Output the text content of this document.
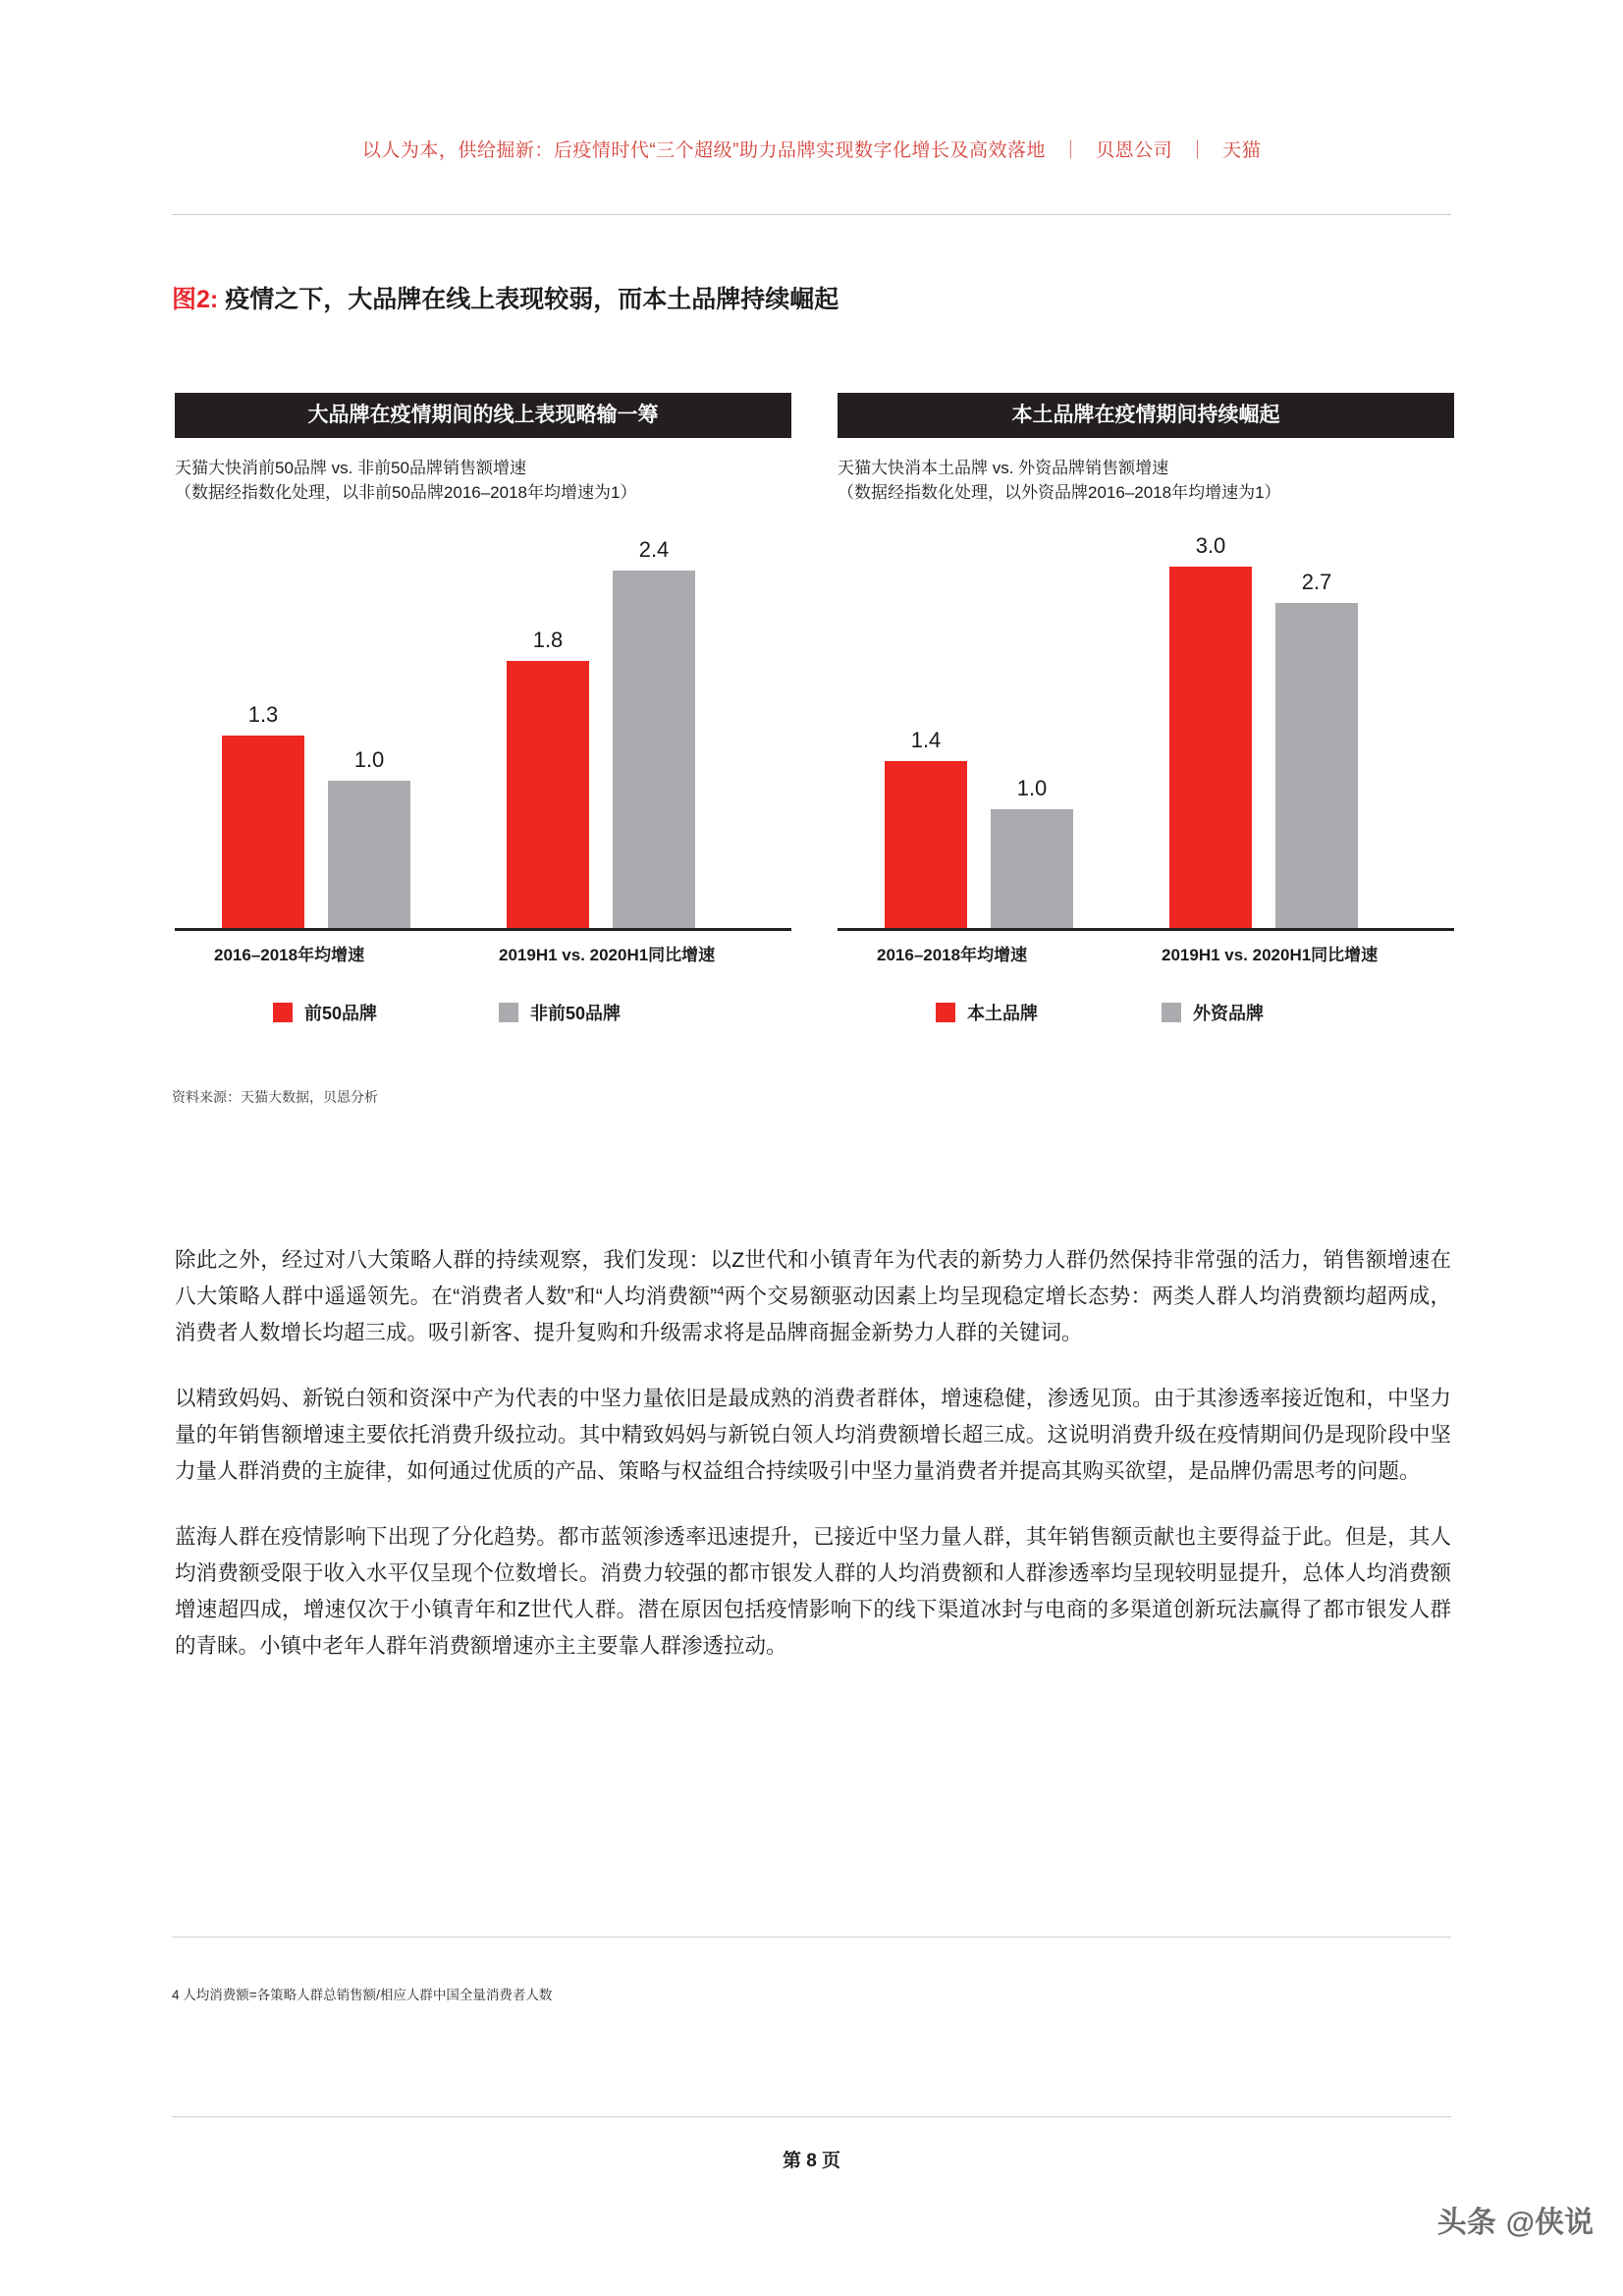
以人为本，供给掘新：后疫情时代“三个超级”助力品牌实现数字化增长及高效落地 ｜ 贝恩公司 ｜ 天猫
图2: 疫情之下，大品牌在线上表现较弱，而本土品牌持续崛起
大品牌在疫情期间的线上表现略输一筹
天猫大快消前50品牌 vs. 非前50品牌销售额增速
（数据经指数化处理，以非前50品牌2016–2018年均增速为1）
1.3
1.0
1.8
2.4
2016–2018年均增速	2019H1 vs. 2020H1同比增速
前50品牌	非前50品牌
本土品牌在疫情期间持续崛起
天猫大快消本土品牌 vs. 外资品牌销售额增速
（数据经指数化处理，以外资品牌2016–2018年均增速为1）
1.4
1.0
3.0
2.7
2016–2018年均增速	2019H1 vs. 2020H1同比增速
本土品牌	外资品牌
资料来源：天猫大数据，贝恩分析

除此之外，经过对八大策略人群的持续观察，我们发现：以Z世代和小镇青年为代表的新势力人群仍然保持非常强的活力，销售额增速在八大策略人群中遥遥领先。在“消费者人数”和“人均消费额”$^4$两个交易额驱动因素上均呈现稳定增长态势：两类人群人均消费额均超两成，消费者人数增长均超三成。吸引新客、提升复购和升级需求将是品牌商掘金新势力人群的关键词。

以精致妈妈、新锐白领和资深中产为代表的中坚力量依旧是最成熟的消费者群体，增速稳健，渗透见顶。由于其渗透率接近饱和，中坚力量的年销售额增速主要依托消费升级拉动。其中精致妈妈与新锐白领人均消费额增长超三成。这说明消费升级在疫情期间仍是现阶段中坚力量人群消费的主旋律，如何通过优质的产品、策略与权益组合持续吸引中坚力量消费者并提高其购买欲望，是品牌仍需思考的问题。

蓝海人群在疫情影响下出现了分化趋势。都市蓝领渗透率迅速提升，已接近中坚力量人群，其年销售额贡献也主要得益于此。但是，其人均消费额受限于收入水平仅呈现个位数增长。消费力较强的都市银发人群的人均消费额和人群渗透率均呈现较明显提升，总体人均消费额增速超四成，增速仅次于小镇青年和Z世代人群。潜在原因包括疫情影响下的线下渠道冰封与电商的多渠道创新玩法赢得了都市银发人群的青睐。小镇中老年人群年消费额增速亦主主要靠人群渗透拉动。

4 人均消费额=各策略人群总销售额/相应人群中国全量消费者人数
第 8 页
头条 @侠说
